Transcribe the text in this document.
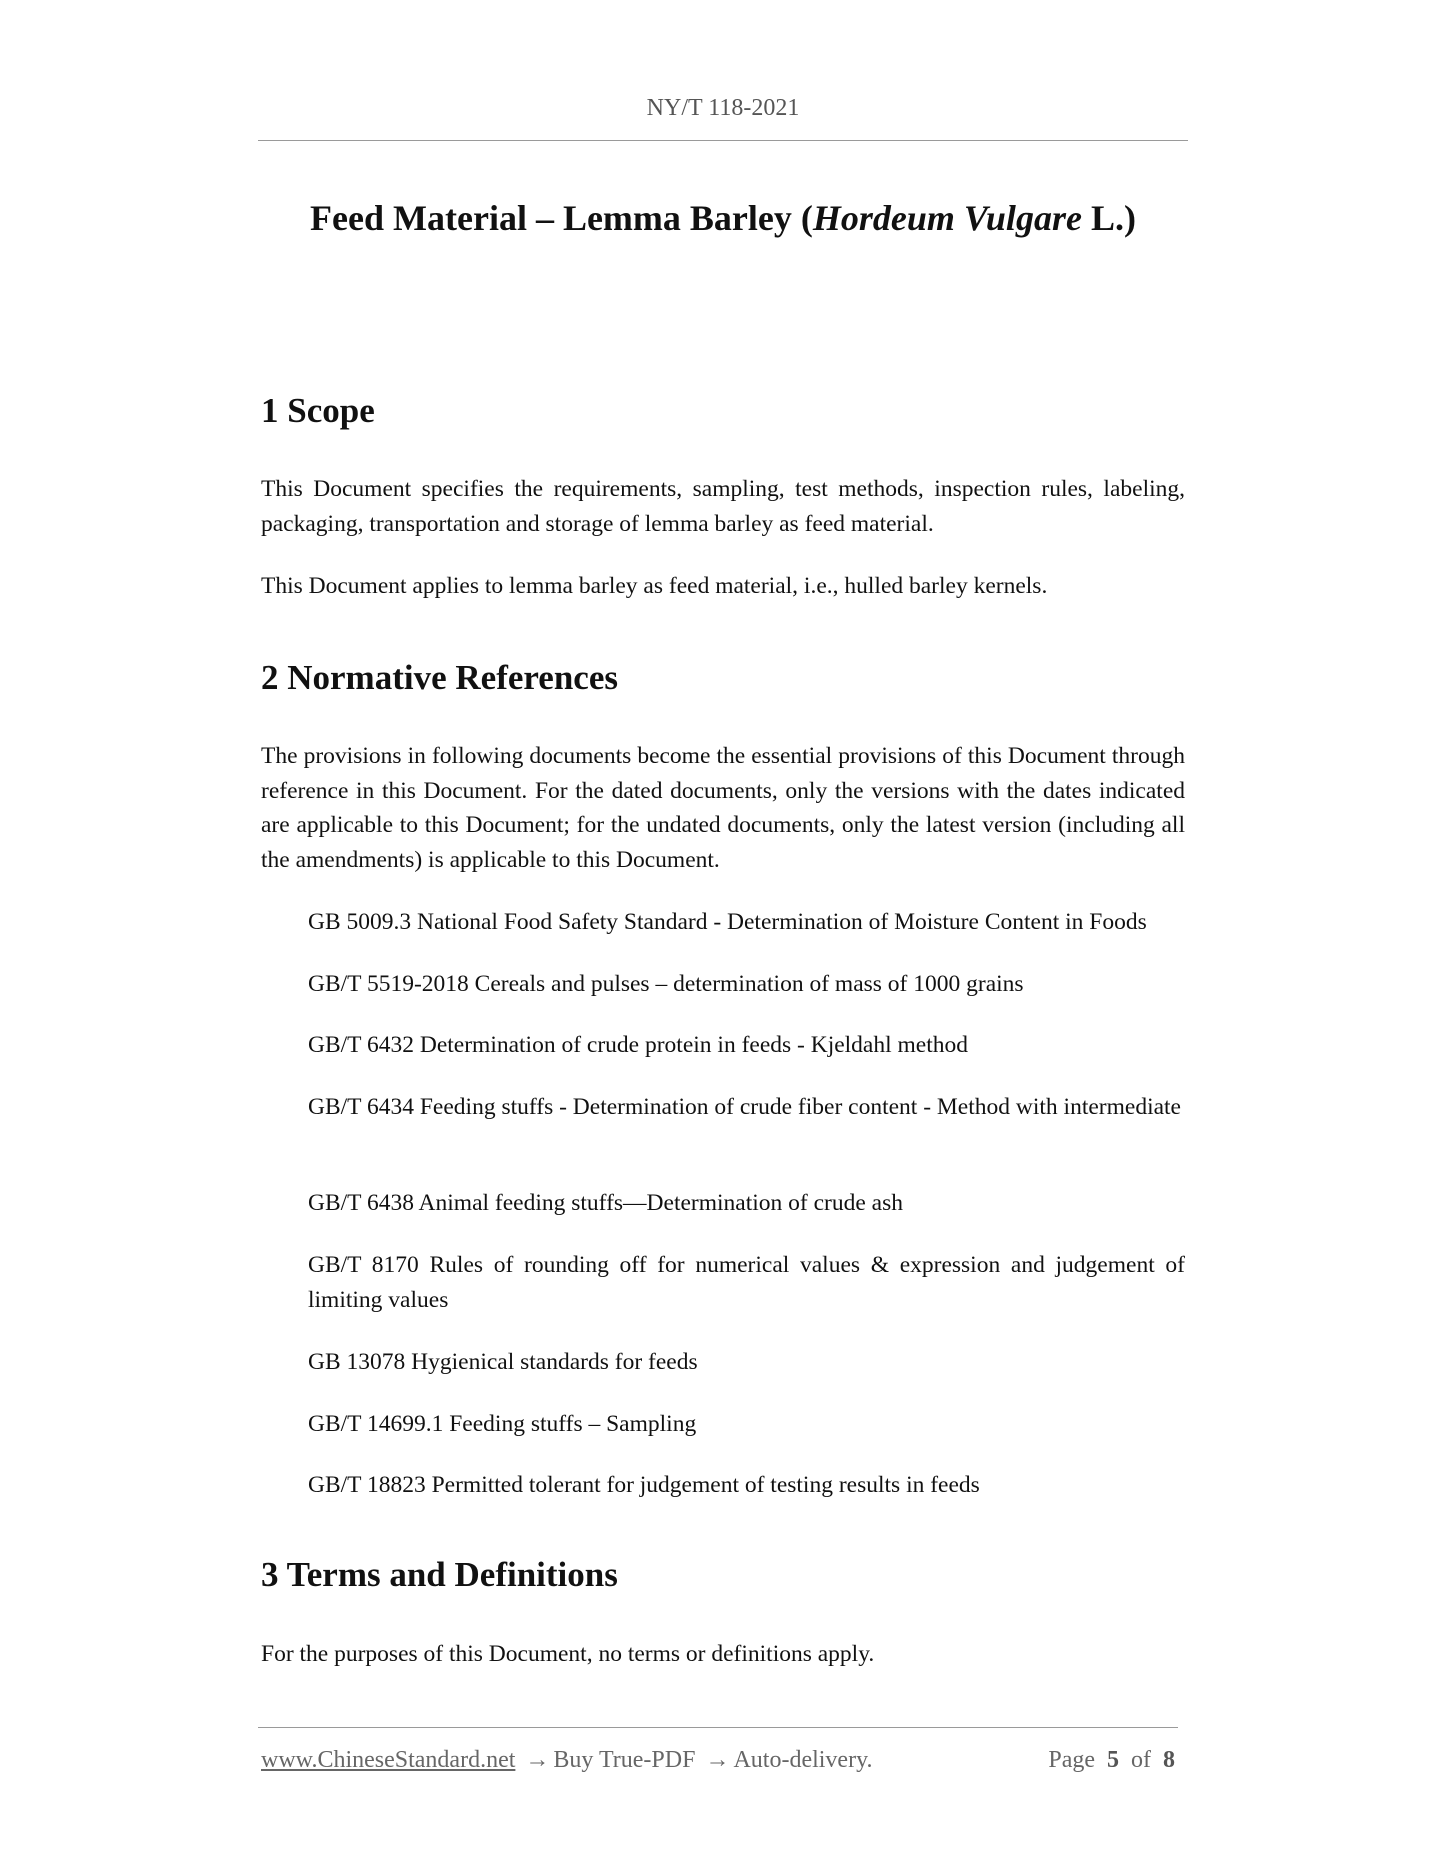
NY/T 118-2021
Feed Material – Lemma Barley (Hordeum Vulgare L.)
1 Scope
This Document specifies the requirements, sampling, test methods, inspection rules, labeling, packaging, transportation and storage of lemma barley as feed material.
This Document applies to lemma barley as feed material, i.e., hulled barley kernels.
2 Normative References
The provisions in following documents become the essential provisions of this Document through reference in this Document. For the dated documents, only the versions with the dates indicated are applicable to this Document; for the undated documents, only the latest version (including all the amendments) is applicable to this Document.
GB 5009.3 National Food Safety Standard - Determination of Moisture Content in Foods
GB/T 5519-2018 Cereals and pulses – determination of mass of 1000 grains
GB/T 6432 Determination of crude protein in feeds - Kjeldahl method
GB/T 6434 Feeding stuffs - Determination of crude fiber content - Method with intermediate
GB/T 6438 Animal feeding stuffs—Determination of crude ash
GB/T 8170 Rules of rounding off for numerical values & expression and judgement of limiting values
GB 13078 Hygienical standards for feeds
GB/T 14699.1 Feeding stuffs – Sampling
GB/T 18823 Permitted tolerant for judgement of testing results in feeds
3 Terms and Definitions
For the purposes of this Document, no terms or definitions apply.
www.ChineseStandard.net → Buy True-PDF → Auto-delivery.	Page 5 of 8
